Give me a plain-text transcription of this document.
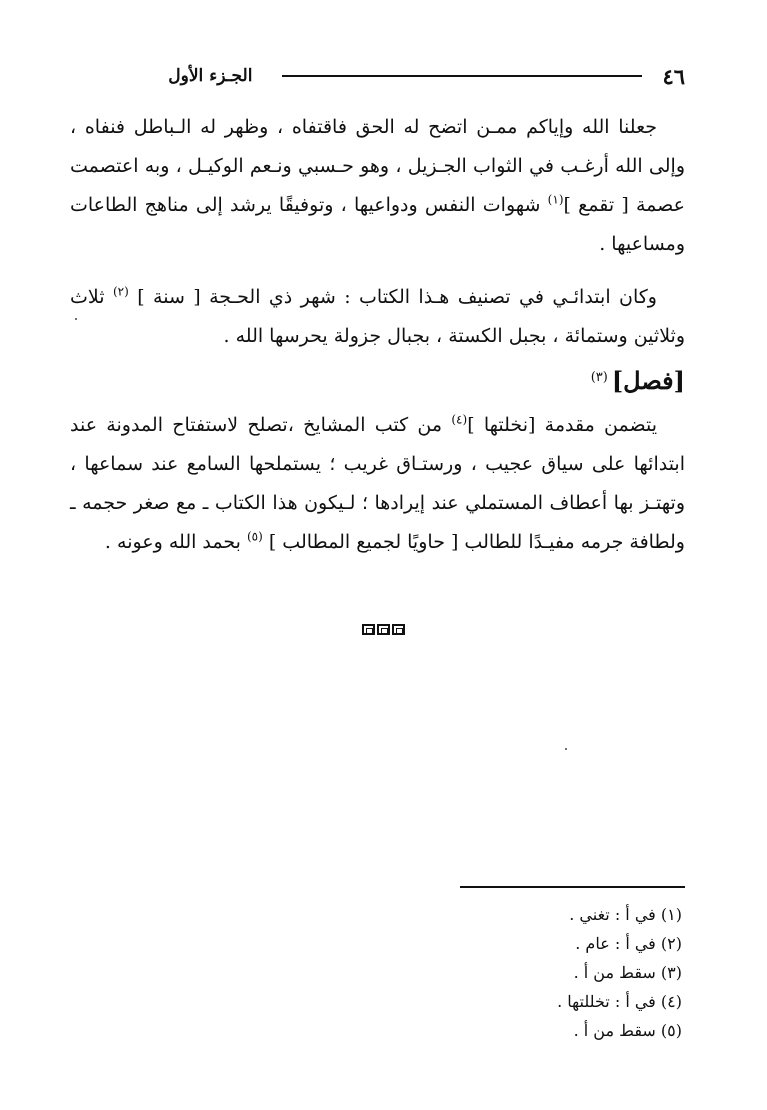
٤٦
الجـزء الأول

جعلنا الله وإياكم ممـن اتضح له الحق فاقتفاه ، وظهر له الـباطل فنفاه ، وإلى الله أرغـب في الثواب الجـزيل ، وهو حـسبي ونـعم الوكيـل ، وبه اعتصمت عصمة [ تقمع ]$^{(١)}$ شهوات النفس ودواعيها ، وتوفيقًا يرشد إلى مناهج الطاعات ومساعيها .

وكان ابتدائـي في تصنيف هـذا الكتاب : شهر ذي الحـجة [ سنة ] $^{(٢)}$ ثلاث وثلاثين وستمائة ، بجبل الكستة ، بجبال جزولة يحرسها الله .

[فصل]$^{(٣)}$

يتضمن مقدمة [نخلتها ]$^{(٤)}$ من كتب المشايخ ،تصلح لاستفتاح المدونة عند ابتدائها على سياق عجيب ، ورستـاق غريب ؛ يستملحها السامع عند سماعها ، وتهتـز بها أعطاف المستملي عند إيرادها ؛ لـيكون هذا الكتاب ـ مع صغر حجمه ـ ولطافة جرمه مفيـدًا للطالب [ حاويًا لجميع المطالب ] $^{(٥)}$ بحمد الله وعونه .

(١) في أ : تغني .
(٢) في أ : عام .
(٣) سقط من أ .
(٤) في أ : تخللتها .
(٥) سقط من أ .
